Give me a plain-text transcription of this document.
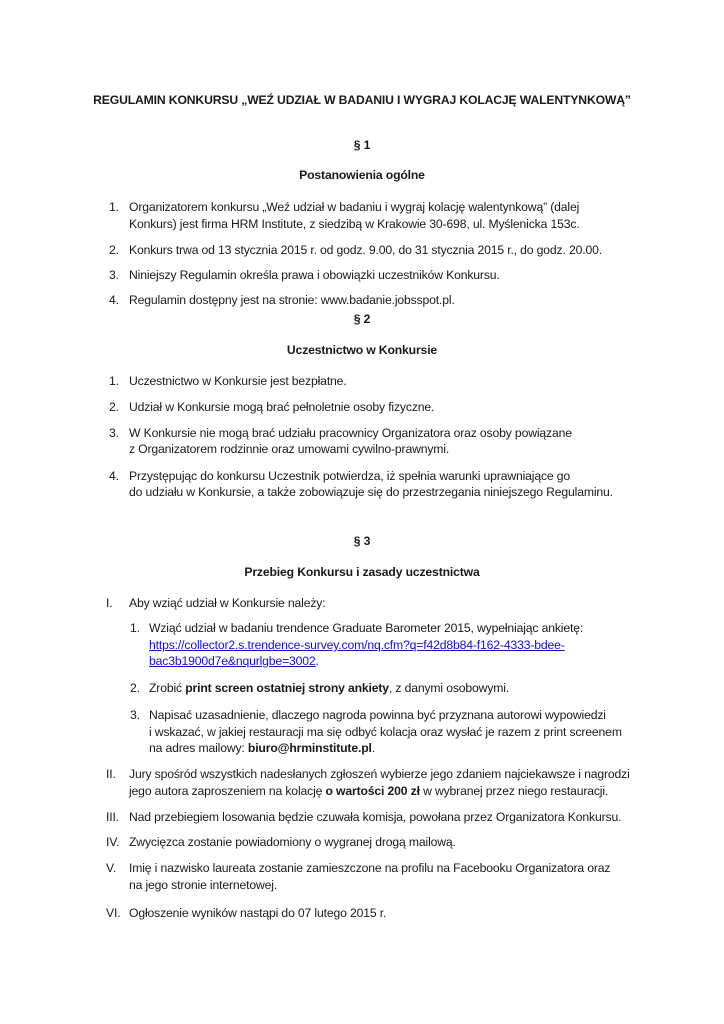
REGULAMIN KONKURSU „WEŹ UDZIAŁ W BADANIU I WYGRAJ KOLACJĘ WALENTYNKOWĄ”
§ 1
Postanowienia ogólne
1. Organizatorem konkursu „Weź udział w badaniu i wygraj kolację walentynkową” (dalej
Konkurs) jest firma HRM Institute, z siedzibą w Krakowie 30-698, ul. Myślenicka 153c.
2. Konkurs trwa od 13 stycznia 2015 r. od godz. 9.00, do 31 stycznia 2015 r., do godz. 20.00.
3. Niniejszy Regulamin określa prawa i obowiązki uczestników Konkursu.
4. Regulamin dostępny jest na stronie: www.badanie.jobsspot.pl.
§ 2
Uczestnictwo w Konkursie
1. Uczestnictwo w Konkursie jest bezpłatne.
2. Udział w Konkursie mogą brać pełnoletnie osoby fizyczne.
3. W Konkursie nie mogą brać udziału pracownicy Organizatora oraz osoby powiązane
z Organizatorem rodzinnie oraz umowami cywilno-prawnymi.
4. Przystępując do konkursu Uczestnik potwierdza, iż spełnia warunki uprawniające go
do udziału w Konkursie, a także zobowiązuje się do przestrzegania niniejszego Regulaminu.
§ 3
Przebieg Konkursu i zasady uczestnictwa
I. Aby wziąć udział w Konkursie należy:
1. Wziąć udział w badaniu trendence Graduate Barometer 2015, wypełniając ankietę:
https://collector2.s.trendence-survey.com/nq.cfm?q=f42d8b84-f162-4333-bdee-
bac3b1900d7e&nqurlgbe=3002.
2. Zrobić print screen ostatniej strony ankiety, z danymi osobowymi.
3. Napisać uzasadnienie, dlaczego nagroda powinna być przyznana autorowi wypowiedzi
i wskazać, w jakiej restauracji ma się odbyć kolacja oraz wysłać je razem z print screenem
na adres mailowy: biuro@hrminstitute.pl.
II. Jury spośród wszystkich nadesłanych zgłoszeń wybierze jego zdaniem najciekawsze i nagrodzi
jego autora zaproszeniem na kolację o wartości 200 zł w wybranej przez niego restauracji.
III. Nad przebiegiem losowania będzie czuwała komisja, powołana przez Organizatora Konkursu.
IV. Zwycięzca zostanie powiadomiony o wygranej drogą mailową.
V. Imię i nazwisko laureata zostanie zamieszczone na profilu na Facebooku Organizatora oraz
na jego stronie internetowej.
VI. Ogłoszenie wyników nastąpi do 07 lutego 2015 r.
